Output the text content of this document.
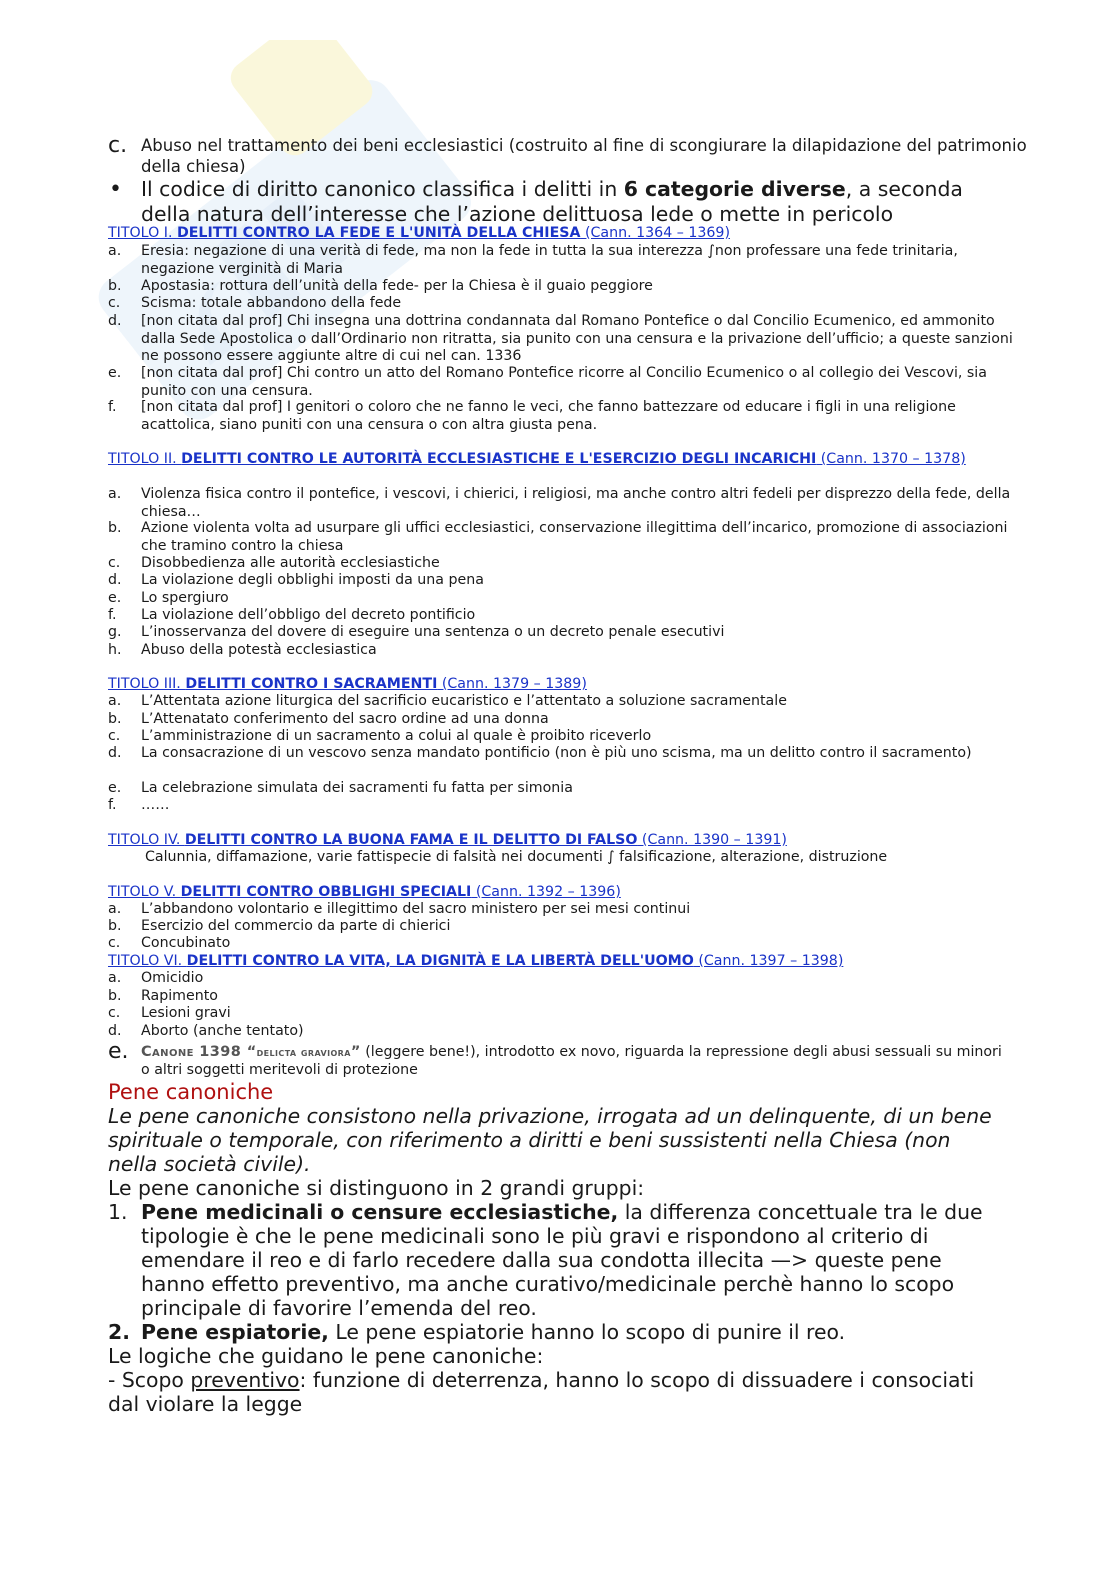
c. Abuso nel trattamento dei beni ecclesiastici (costruito al fine di scongiurare la dilapidazione del patrimonio della chiesa)
• Il codice di diritto canonico classifica i delitti in 6 categorie diverse, a seconda della natura dell’interesse che l’azione delittuosa lede o mette in pericolo
TITOLO I. DELITTI CONTRO LA FEDE E L'UNITÀ DELLA CHIESA (Cann. 1364 – 1369)
a. Eresia: negazione di una verità di fede, ma non la fede in tutta la sua interezza ∫non professare una fede trinitaria, negazione verginità di Maria
b. Apostasia: rottura dell’unità della fede- per la Chiesa è il guaio peggiore
c. Scisma: totale abbandono della fede
d. [non citata dal prof] Chi insegna una dottrina condannata dal Romano Pontefice o dal Concilio Ecumenico, ed ammonito dalla Sede Apostolica o dall’Ordinario non ritratta, sia punito con una censura e la privazione dell’ufficio; a queste sanzioni ne possono essere aggiunte altre di cui nel can. 1336
e. [non citata dal prof] Chi contro un atto del Romano Pontefice ricorre al Concilio Ecumenico o al collegio dei Vescovi, sia punito con una censura.
f. [non citata dal prof] I genitori o coloro che ne fanno le veci, che fanno battezzare od educare i figli in una religione acattolica, siano puniti con una censura o con altra giusta pena.
TITOLO II. DELITTI CONTRO LE AUTORITÀ ECCLESIASTICHE E L'ESERCIZIO DEGLI INCARICHI (Cann. 1370 – 1378)
a. Violenza fisica contro il pontefice, i vescovi, i chierici, i religiosi, ma anche contro altri fedeli per disprezzo della fede, della chiesa…
b. Azione violenta volta ad usurpare gli uffici ecclesiastici, conservazione illegittima dell’incarico, promozione di associazioni che tramino contro la chiesa
c. Disobbedienza alle autorità ecclesiastiche
d. La violazione degli obblighi imposti da una pena
e. Lo spergiuro
f. La violazione dell’obbligo del decreto pontificio
g. L’inosservanza del dovere di eseguire una sentenza o un decreto penale esecutivi
h. Abuso della potestà ecclesiastica
TITOLO III. DELITTI CONTRO I SACRAMENTI (Cann. 1379 – 1389)
a. L’Attentata azione liturgica del sacrificio eucaristico e l’attentato a soluzione sacramentale
b. L’Attenatato conferimento del sacro ordine ad una donna
c. L’amministrazione di un sacramento a colui al quale è proibito riceverlo
d. La consacrazione di un vescovo senza mandato pontificio (non è più uno scisma, ma un delitto contro il sacramento)
e. La celebrazione simulata dei sacramenti fu fatta per simonia
f. ……
TITOLO IV. DELITTI CONTRO LA BUONA FAMA E IL DELITTO DI FALSO (Cann. 1390 – 1391)
Calunnia, diffamazione, varie fattispecie di falsità nei documenti ∫ falsificazione, alterazione, distruzione
TITOLO V. DELITTI CONTRO OBBLIGHI SPECIALI (Cann. 1392 – 1396)
a. L’abbandono volontario e illegittimo del sacro ministero per sei mesi continui
b. Esercizio del commercio da parte di chierici
c. Concubinato
TITOLO VI. DELITTI CONTRO LA VITA, LA DIGNITÀ E LA LIBERTÀ DELL'UOMO (Cann. 1397 – 1398)
a. Omicidio
b. Rapimento
c. Lesioni gravi
d. Aborto (anche tentato)
e. Canone 1398 “delicta graviora” (leggere bene!), introdotto ex novo, riguarda la repressione degli abusi sessuali su minori o altri soggetti meritevoli di protezione
Pene canoniche
Le pene canoniche consistono nella privazione, irrogata ad un delinquente, di un bene spirituale o temporale, con riferimento a diritti e beni sussistenti nella Chiesa (non nella società civile).
Le pene canoniche si distinguono in 2 grandi gruppi:
1. Pene medicinali o censure ecclesiastiche, la differenza concettuale tra le due tipologie è che le pene medicinali sono le più gravi e rispondono al criterio di emendare il reo e di farlo recedere dalla sua condotta illecita —> queste pene hanno effetto preventivo, ma anche curativo/medicinale perchè hanno lo scopo principale di favorire l’emenda del reo.
2. Pene espiatorie, Le pene espiatorie hanno lo scopo di punire il reo.
Le logiche che guidano le pene canoniche:
- Scopo preventivo: funzione di deterrenza, hanno lo scopo di dissuadere i consociati dal violare la legge
